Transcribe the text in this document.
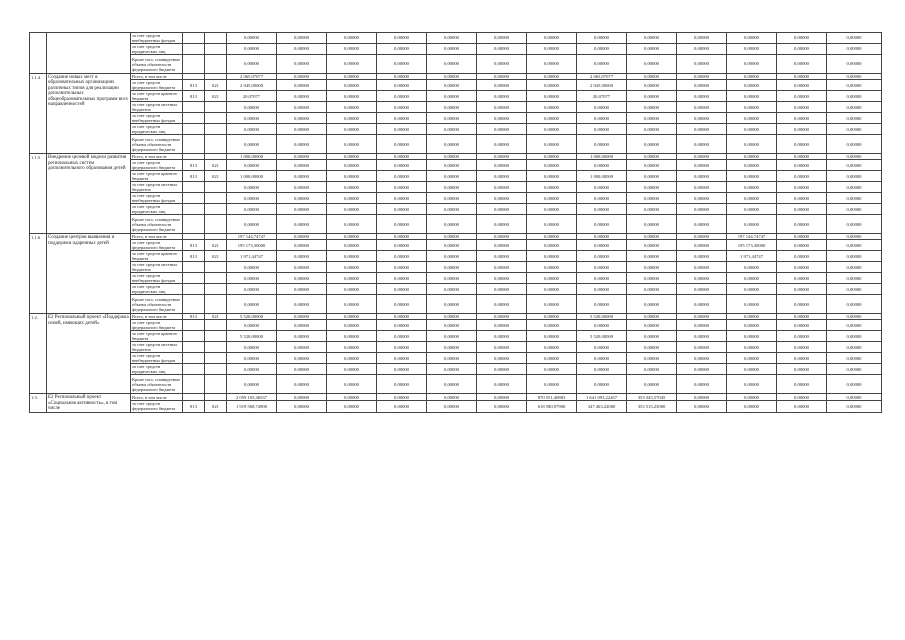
		за счет средств внебюджетных фондов			0,00000	0,00000	0,00000	0,00000	0,00000	0,00000	0,00000	0,00000	0,00000	0,00000	0,00000	0,00000	0,00000	
		за счет средств юридических лиц			0,00000	0,00000	0,00000	0,00000	0,00000	0,00000	0,00000	0,00000	0,00000	0,00000	0,00000	0,00000	0,00000	
		Кроме того, планируемые объемы обязательств федерального бюджета			0,00000	0,00000	0,00000	0,00000	0,00000	0,00000	0,00000	0,00000	0,00000	0,00000	0,00000	0,00000	0,00000	
1.1.4	Создание новых мест в образовательных организациях различных типов для реализации дополнительных общеобразовательных программ всех направленностей	Всего, в том числе			2 065,07077	0,00000	0,00000	0,00000	0,00000	0,00000	0,00000	2 065,07077	0,00000	0,00000	0,00000	0,00000	0,00000	
		за счет средств федерального бюджета	813	021	2 045,00000	0,00000	0,00000	0,00000	0,00000	0,00000	0,00000	2 045,00000	0,00000	0,00000	0,00000	0,00000	0,00000	
		за счет средств краевого бюджета	813	021	20,07077	0,00000	0,00000	0,00000	0,00000	0,00000	0,00000	20,07077	0,00000	0,00000	0,00000	0,00000	0,00000	
		за счет средств местных бюджетов			0,00000	0,00000	0,00000	0,00000	0,00000	0,00000	0,00000	0,00000	0,00000	0,00000	0,00000	0,00000	0,00000	
		за счет средств внебюджетных фондов			0,00000	0,00000	0,00000	0,00000	0,00000	0,00000	0,00000	0,00000	0,00000	0,00000	0,00000	0,00000	0,00000	
		за счет средств юридических лиц			0,00000	0,00000	0,00000	0,00000	0,00000	0,00000	0,00000	0,00000	0,00000	0,00000	0,00000	0,00000	0,00000	
		Кроме того, планируемые объемы обязательств федерального бюджета			0,00000	0,00000	0,00000	0,00000	0,00000	0,00000	0,00000	0,00000	0,00000	0,00000	0,00000	0,00000	0,00000	
1.1.5	Внедрение целевой модели развития региональных систем дополнительного образования детей	Всего, в том числе			1 000,00000	0,00000	0,00000	0,00000	0,00000	0,00000	0,00000	1 000,00000	0,00000	0,00000	0,00000	0,00000	0,00000	
		за счет средств федерального бюджета	813	021	0,00000	0,00000	0,00000	0,00000	0,00000	0,00000	0,00000	0,00000	0,00000	0,00000	0,00000	0,00000	0,00000	
		за счет средств краевого бюджета	813	021	1 000,00000	0,00000	0,00000	0,00000	0,00000	0,00000	0,00000	1 000,00000	0,00000	0,00000	0,00000	0,00000	0,00000	
		за счет средств местных бюджетов			0,00000	0,00000	0,00000	0,00000	0,00000	0,00000	0,00000	0,00000	0,00000	0,00000	0,00000	0,00000	0,00000	
		за счет средств внебюджетных фондов			0,00000	0,00000	0,00000	0,00000	0,00000	0,00000	0,00000	0,00000	0,00000	0,00000	0,00000	0,00000	0,00000	
		за счет средств юридических лиц			0,00000	0,00000	0,00000	0,00000	0,00000	0,00000	0,00000	0,00000	0,00000	0,00000	0,00000	0,00000	0,00000	
		Кроме того, планируемые объемы обязательств федерального бюджета			0,00000	0,00000	0,00000	0,00000	0,00000	0,00000	0,00000	0,00000	0,00000	0,00000	0,00000	0,00000	0,00000	
1.1.6	Создание центров выявления и поддержки одаренных детей	Всего, в том числе			197 144,74747	0,00000	0,00000	0,00000	0,00000	0,00000	0,00000	0,00000	0,00000	0,00000	197 144,74747	0,00000	0,00000	
		за счет средств федерального бюджета	813	021	195 173,30000	0,00000	0,00000	0,00000	0,00000	0,00000	0,00000	0,00000	0,00000	0,00000	195 173,30000	0,00000	0,00000	
		за счет средств краевого бюджета	813	021	1 971,44747	0,00000	0,00000	0,00000	0,00000	0,00000	0,00000	0,00000	0,00000	0,00000	1 971,44747	0,00000	0,00000	
		за счет средств местных бюджетов			0,00000	0,00000	0,00000	0,00000	0,00000	0,00000	0,00000	0,00000	0,00000	0,00000	0,00000	0,00000	0,00000	
		за счет средств внебюджетных фондов			0,00000	0,00000	0,00000	0,00000	0,00000	0,00000	0,00000	0,00000	0,00000	0,00000	0,00000	0,00000	0,00000	
		за счет средств юридических лиц			0,00000	0,00000	0,00000	0,00000	0,00000	0,00000	0,00000	0,00000	0,00000	0,00000	0,00000	0,00000	0,00000	
		Кроме того, планируемые объемы обязательств федерального бюджета			0,00000	0,00000	0,00000	0,00000	0,00000	0,00000	0,00000	0,00000	0,00000	0,00000	0,00000	0,00000	0,00000	
1.2.	Е2 Региональный проект «Поддержка семей, имеющих детей»	Всего, в том числе	813	021	5 520,00000	0,00000	0,00000	0,00000	0,00000	0,00000	0,00000	5 520,00000	0,00000	0,00000	0,00000	0,00000	0,00000	
		за счет средств федерального бюджета			0,00000	0,00000	0,00000	0,00000	0,00000	0,00000	0,00000	0,00000	0,00000	0,00000	0,00000	0,00000	0,00000	
		за счет средств краевого бюджета			5 520,00000	0,00000	0,00000	0,00000	0,00000	0,00000	0,00000	5 520,00000	0,00000	0,00000	0,00000	0,00000	0,00000	
		за счет средств местных бюджетов			0,00000	0,00000	0,00000	0,00000	0,00000	0,00000	0,00000	0,00000	0,00000	0,00000	0,00000	0,00000	0,00000	
		за счет средств внебюджетных фондов			0,00000	0,00000	0,00000	0,00000	0,00000	0,00000	0,00000	0,00000	0,00000	0,00000	0,00000	0,00000	0,00000	
		за счет средств юридических лиц			0,00000	0,00000	0,00000	0,00000	0,00000	0,00000	0,00000	0,00000	0,00000	0,00000	0,00000	0,00000	0,00000	
		Кроме того, планируемые объемы обязательств федерального бюджета			0,00000	0,00000	0,00000	0,00000	0,00000	0,00000	0,00000	0,00000	0,00000	0,00000	0,00000	0,00000	0,00000	
1.3.	Е2 Региональный проект «Социальная активность», в том числе	Всего, в том числе			2 059 105,46537	0,00000	0,00000	0,00000	0,00000	0,00000	870 551,40883	1 641 093,22267	353 345,57045	0,00000	0,00000	0,00000	0,00000	
		за счет средств федерального бюджета	813	021	1 919 568,74900	0,00000	0,00000	0,00000	0,00000	0,00000	618 580,97900	347 463,22000	353 515,25000	0,00000	0,00000	0,00000	0,00000	
